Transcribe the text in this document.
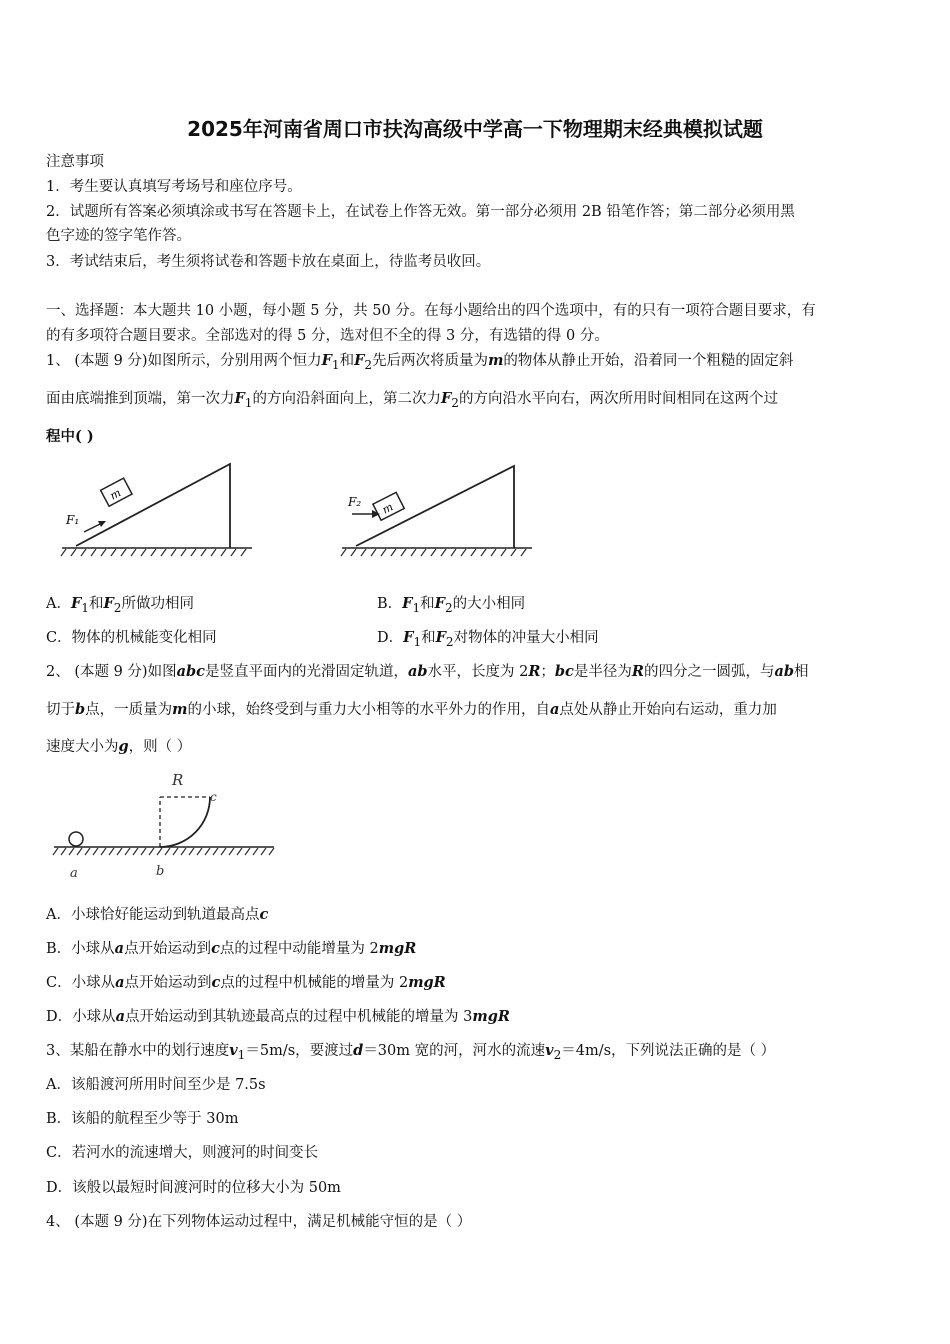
2025年河南省周口市扶沟高级中学高一下物理期末经典模拟试题
注意事项
1．考生要认真填写考场号和座位序号。
2．试题所有答案必须填涂或书写在答题卡上，在试卷上作答无效。第一部分必须用 2B 铅笔作答；第二部分必须用黑
色字迹的签字笔作答。
3．考试结束后，考生须将试卷和答题卡放在桌面上，待监考员收回。
一、选择题：本大题共 10 小题，每小题 5 分，共 50 分。在每小题给出的四个选项中，有的只有一项符合题目要求，有
的有多项符合题目要求。全部选对的得 5 分，选对但不全的得 3 分，有选错的得 0 分。
1、 (本题 9 分)如图所示，分别用两个恒力$F_1$和$F_2$先后两次将质量为m的物体从静止开始，沿着同一个粗糙的固定斜
面由底端推到顶端，第一次力$F_1$的方向沿斜面向上，第二次力$F_2$的方向沿水平向右，两次所用时间相同在这两个过
程中( )
m
F₁
m
F₂
A．$F_1$和$F_2$所做功相同	B．$F_1$和$F_2$的大小相同
C．物体的机械能变化相同	D．$F_1$和$F_2$对物体的冲量大小相同
2、 (本题 9 分)如图abc是竖直平面内的光滑固定轨道，ab水平，长度为 2R；bc是半径为R的四分之一圆弧，与ab相
切于b点，一质量为m的小球，始终受到与重力大小相等的水平外力的作用，自a点处从静止开始向右运动，重力加
速度大小为g，则（ ）
R
c
a	b
A．小球恰好能运动到轨道最高点c
B．小球从a点开始运动到c点的过程中动能增量为 2mgR
C．小球从a点开始运动到c点的过程中机械能的增量为 2mgR
D．小球从a点开始运动到其轨迹最高点的过程中机械能的增量为 3mgR
3、某船在静水中的划行速度$v_1=5m/s$，要渡过d＝30m 宽的河，河水的流速$v_2=4m/s$，下列说法正确的是（ ）
A．该船渡河所用时间至少是 7.5s
B．该船的航程至少等于 30m
C．若河水的流速增大，则渡河的时间变长
D．该般以最短时间渡河时的位移大小为 50m
4、 (本题 9 分)在下列物体运动过程中，满足机械能守恒的是（ ）
